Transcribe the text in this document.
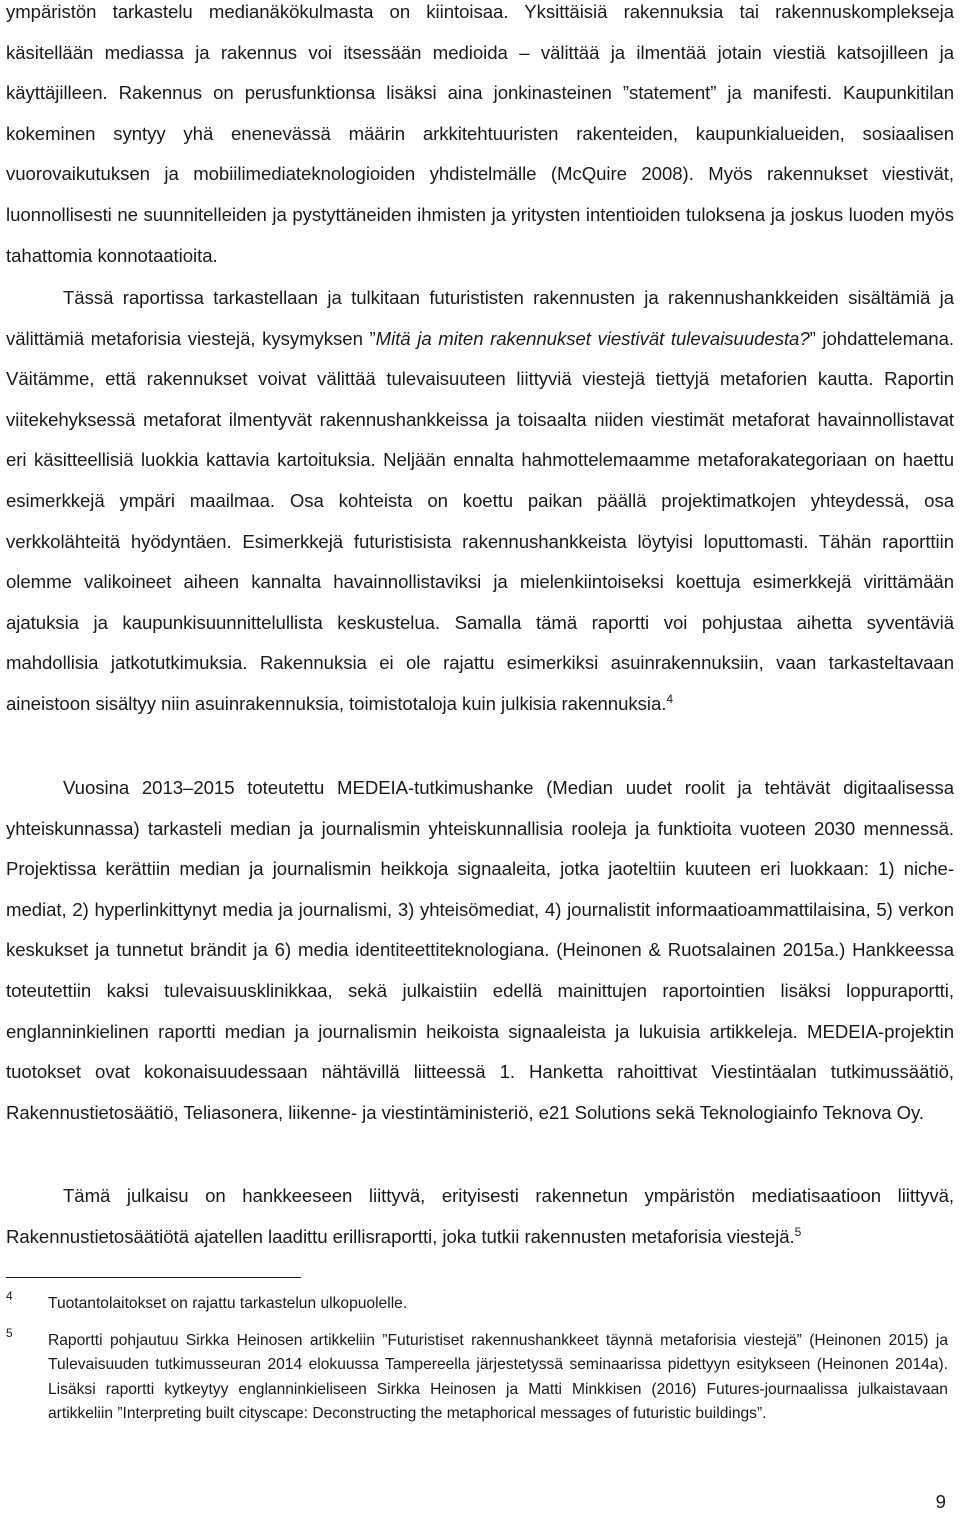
ympäristön tarkastelu medianäkökulmasta on kiintoisaa. Yksittäisiä rakennuksia tai rakennuskomplekseja käsitellään mediassa ja rakennus voi itsessään medioida – välittää ja ilmentää jotain viestiä katsojilleen ja käyttäjilleen. Rakennus on perusfunktionsa lisäksi aina jonkinasteinen ”statement” ja manifesti. Kaupunkitilan kokeminen syntyy yhä enenevässä määrin arkkitehtuuristen rakenteiden, kaupunkialueiden, sosiaalisen vuorovaikutuksen ja mobiilimediateknologioiden yhdistelmälle (McQuire 2008). Myös rakennukset viestivät, luonnollisesti ne suunnitelleiden ja pystyttäneiden ihmisten ja yritysten intentioiden tuloksena ja joskus luoden myös tahattomia konnotaatioita.

Tässä raportissa tarkastellaan ja tulkitaan futurististen rakennusten ja rakennushankkeiden sisältämiä ja välittämiä metaforisia viestejä, kysymyksen ”Mitä ja miten rakennukset viestivät tulevaisuudesta?” johdattelemana. Väitämme, että rakennukset voivat välittää tulevaisuuteen liittyviä viestejä tiettyjä metaforien kautta. Raportin viitekehyksessä metaforat ilmentyvät rakennushankkeissa ja toisaalta niiden viestimät metaforat havainnollistavat eri käsitteellisiä luokkia kattavia kartoituksia. Neljään ennalta hahmottelemaamme metaforakategoriaan on haettu esimerkkejä ympäri maailmaa. Osa kohteista on koettu paikan päällä projektimatkojen yhteydessä, osa verkkolähteitä hyödyntäen. Esimerkkejä futuristisista rakennushankkeista löytyisi loputtomasti. Tähän raporttiin olemme valikoineet aiheen kannalta havainnollistaviksi ja mielenkiintoiseksi koettuja esimerkkejä virittämään ajatuksia ja kaupunkisuunnittelullista keskustelua. Samalla tämä raportti voi pohjustaa aihetta syventäviä mahdollisia jatkotutkimuksia. Rakennuksia ei ole rajattu esimerkiksi asuinrakennuksiin, vaan tarkasteltavaan aineistoon sisältyy niin asuinrakennuksia, toimistotaloja kuin julkisia rakennuksia.$^4$

Vuosina 2013–2015 toteutettu MEDEIA-tutkimushanke (Median uudet roolit ja tehtävät digitaalisessa yhteiskunnassa) tarkasteli median ja journalismin yhteiskunnallisia rooleja ja funktioita vuoteen 2030 mennessä. Projektissa kerättiin median ja journalismin heikkoja signaaleita, jotka jaoteltiin kuuteen eri luokkaan: 1) niche-mediat, 2) hyperlinkittynyt media ja journalismi, 3) yhteisömediat, 4) journalistit informaatioammattilaisina, 5) verkon keskukset ja tunnetut brändit ja 6) media identiteettiteknologiana. (Heinonen & Ruotsalainen 2015a.) Hankkeessa toteutettiin kaksi tulevaisuusklinikkaa, sekä julkaistiin edellä mainittujen raportointien lisäksi loppuraportti, englanninkielinen raportti median ja journalismin heikoista signaaleista ja lukuisia artikkeleja. MEDEIA-projektin tuotokset ovat kokonaisuudessaan nähtävillä liitteessä 1. Hanketta rahoittivat Viestintäalan tutkimussäätiö, Rakennustietosäätiö, Teliasonera, liikenne- ja viestintäministeriö, e21 Solutions sekä Teknologiainfo Teknova Oy.

Tämä julkaisu on hankkeeseen liittyvä, erityisesti rakennetun ympäristön mediatisaatioon liittyvä, Rakennustietosäätiötä ajatellen laadittu erillisraportti, joka tutkii rakennusten metaforisia viestejä.$^5$

4 Tuotantolaitokset on rajattu tarkastelun ulkopuolelle.
5 Raportti pohjautuu Sirkka Heinosen artikkeliin ”Futuristiset rakennushankkeet täynnä metaforisia viestejä” (Heinonen 2015) ja Tulevaisuuden tutkimusseuran 2014 elokuussa Tampereella järjestetyssä seminaarissa pidettyyn esitykseen (Heinonen 2014a). Lisäksi raportti kytkeytyy englanninkieliseen Sirkka Heinosen ja Matti Minkkisen (2016) Futures-journaalissa julkaistavaan artikkeliin ”Interpreting built cityscape: Deconstructing the metaphorical messages of futuristic buildings”.
9
